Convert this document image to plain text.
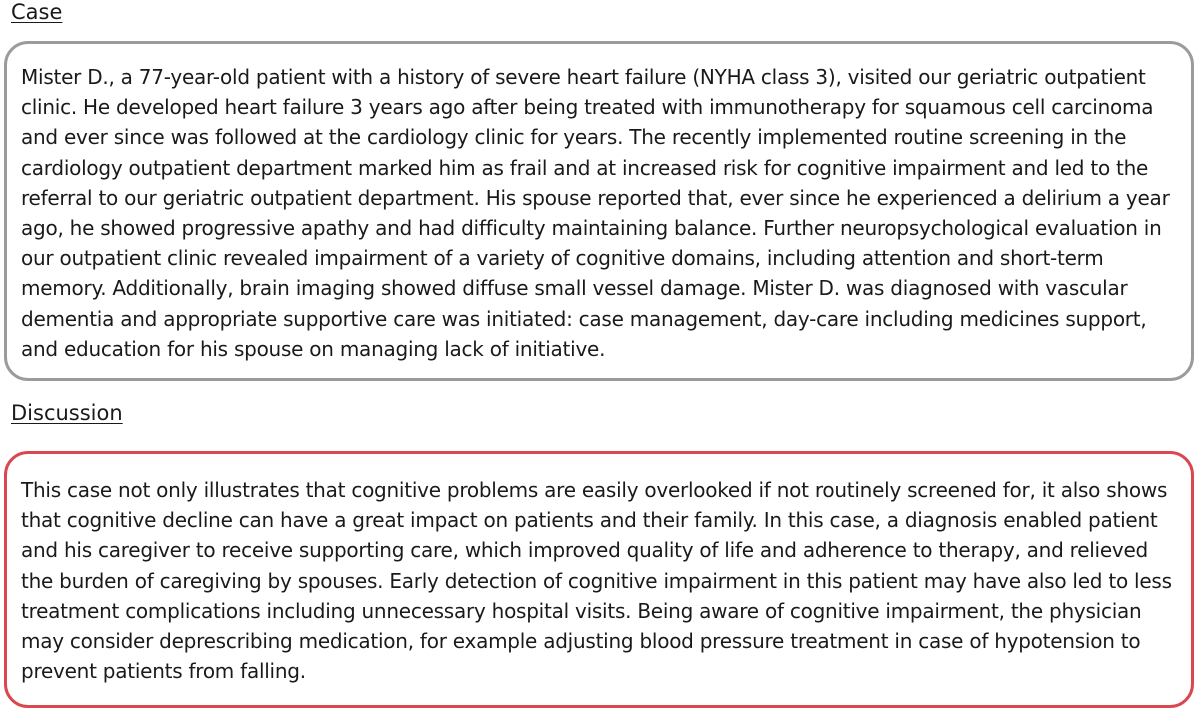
Case

Mister D., a 77-year-old patient with a history of severe heart failure (NYHA class 3), visited our geriatric outpatient clinic. He developed heart failure 3 years ago after being treated with immunotherapy for squamous cell carcinoma and ever since was followed at the cardiology clinic for years. The recently implemented routine screening in the cardiology outpatient department marked him as frail and at increased risk for cognitive impairment and led to the referral to our geriatric outpatient department. His spouse reported that, ever since he experienced a delirium a year ago, he showed progressive apathy and had difficulty maintaining balance. Further neuropsychological evaluation in our outpatient clinic revealed impairment of a variety of cognitive domains, including attention and short-term memory. Additionally, brain imaging showed diffuse small vessel damage. Mister D. was diagnosed with vascular dementia and appropriate supportive care was initiated: case management, day-care including medicines support, and education for his spouse on managing lack of initiative.

Discussion

This case not only illustrates that cognitive problems are easily overlooked if not routinely screened for, it also shows that cognitive decline can have a great impact on patients and their family. In this case, a diagnosis enabled patient and his caregiver to receive supporting care, which improved quality of life and adherence to therapy, and relieved the burden of caregiving by spouses. Early detection of cognitive impairment in this patient may have also led to less treatment complications including unnecessary hospital visits. Being aware of cognitive impairment, the physician may consider deprescribing medication, for example adjusting blood pressure treatment in case of hypotension to prevent patients from falling.
